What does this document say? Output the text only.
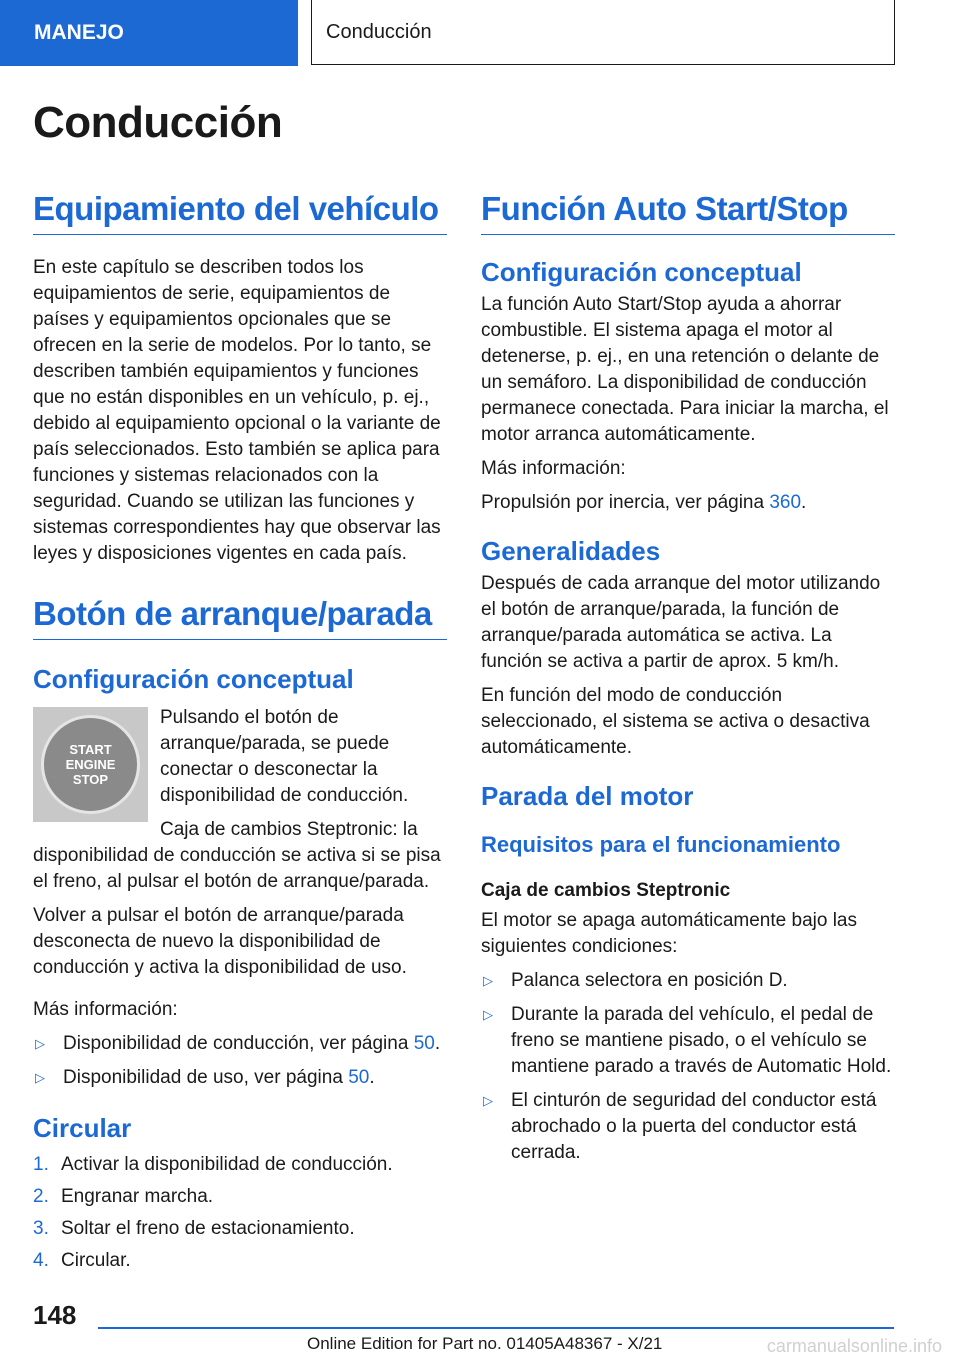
MANEJO	Conducción
Conducción
Equipamiento del vehículo

En este capítulo se describen todos los equipamientos de serie, equipamientos de países y equipamientos opcionales que se ofrecen en la serie de modelos. Por lo tanto, se describen también equipamientos y funciones que no están disponibles en un vehículo, p. ej., debido al equipamiento opcional o la variante de país seleccionados. Esto también se aplica para funciones y sistemas relacionados con la seguridad. Cuando se utilizan las funciones y sistemas correspondientes hay que observar las leyes y disposiciones vigentes en cada país.

Botón de arranque/parada
Configuración conceptual
START
ENGINE
STOP

Pulsando el botón de arranque/parada, se puede conectar o desconectar la disponibilidad de conducción.

Caja de cambios Steptronic: la disponibilidad de conducción se activa si se pisa el freno, al pulsar el botón de arranque/parada.

Volver a pulsar el botón de arranque/parada desconecta de nuevo la disponibilidad de conducción y activa la disponibilidad de uso.

Más información:

▷ Disponibilidad de conducción, ver página 50.
▷ Disponibilidad de uso, ver página 50.
Circular
1. Activar la disponibilidad de conducción.
2. Engranar marcha.
3. Soltar el freno de estacionamiento.
4. Circular.
Función Auto Start/Stop
Configuración conceptual

La función Auto Start/Stop ayuda a ahorrar combustible. El sistema apaga el motor al detenerse, p. ej., en una retención o delante de un semáforo. La disponibilidad de conducción permanece conectada. Para iniciar la marcha, el motor arranca automáticamente.

Más información:

Propulsión por inercia, ver página 360.

Generalidades

Después de cada arranque del motor utilizando el botón de arranque/parada, la función de arranque/parada automática se activa. La función se activa a partir de aprox. 5 km/h.

En función del modo de conducción seleccionado, el sistema se activa o desactiva automáticamente.

Parada del motor
Requisitos para el funcionamiento
Caja de cambios Steptronic

El motor se apaga automáticamente bajo las siguientes condiciones:

▷ Palanca selectora en posición D.
▷ Durante la parada del vehículo, el pedal de freno se mantiene pisado, o el vehículo se mantiene parado a través de Automatic Hold.
▷ El cinturón de seguridad del conductor está abrochado o la puerta del conductor está cerrada.
148
Online Edition for Part no. 01405A48367 - X/21	carmanualsonline.info
